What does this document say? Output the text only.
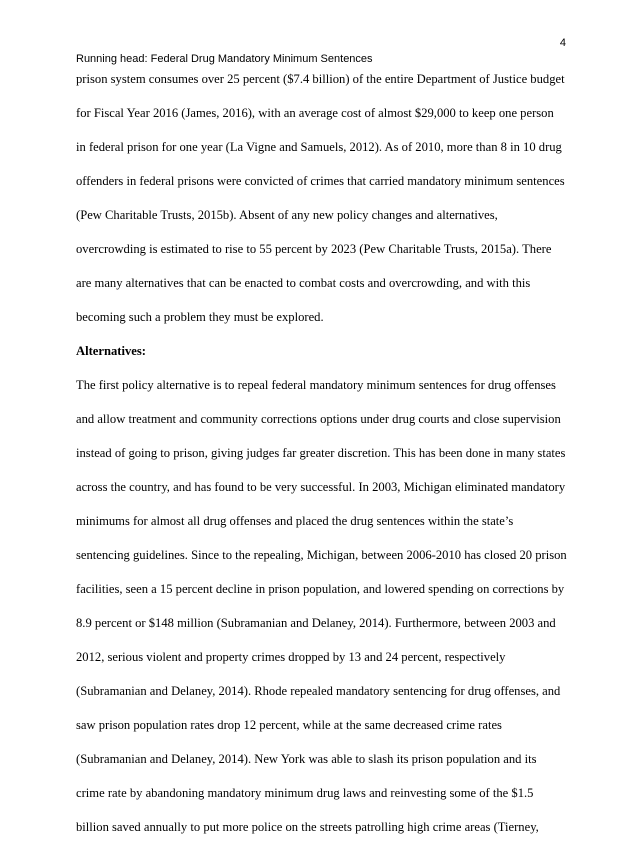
4
Running head: Federal Drug Mandatory Minimum Sentences
prison system consumes over 25 percent ($7.4 billion) of the entire Department of Justice budget
for Fiscal Year 2016 (James, 2016), with an average cost of almost $29,000 to keep one person
in federal prison for one year (La Vigne and Samuels, 2012). As of 2010, more than 8 in 10 drug
offenders in federal prisons were convicted of crimes that carried mandatory minimum sentences
(Pew Charitable Trusts, 2015b). Absent of any new policy changes and alternatives,
overcrowding is estimated to rise to 55 percent by 2023 (Pew Charitable Trusts, 2015a). There
are many alternatives that can be enacted to combat costs and overcrowding, and with this
becoming such a problem they must be explored.
Alternatives:
The first policy alternative is to repeal federal mandatory minimum sentences for drug offenses
and allow treatment and community corrections options under drug courts and close supervision
instead of going to prison, giving judges far greater discretion. This has been done in many states
across the country, and has found to be very successful. In 2003, Michigan eliminated mandatory
minimums for almost all drug offenses and placed the drug sentences within the state’s
sentencing guidelines. Since to the repealing, Michigan, between 2006-2010 has closed 20 prison
facilities, seen a 15 percent decline in prison population, and lowered spending on corrections by
8.9 percent or $148 million (Subramanian and Delaney, 2014). Furthermore, between 2003 and
2012, serious violent and property crimes dropped by 13 and 24 percent, respectively
(Subramanian and Delaney, 2014). Rhode repealed mandatory sentencing for drug offenses, and
saw prison population rates drop 12 percent, while at the same decreased crime rates
(Subramanian and Delaney, 2014). New York was able to slash its prison population and its
crime rate by abandoning mandatory minimum drug laws and reinvesting some of the $1.5
billion saved annually to put more police on the streets patrolling high crime areas (Tierney,
